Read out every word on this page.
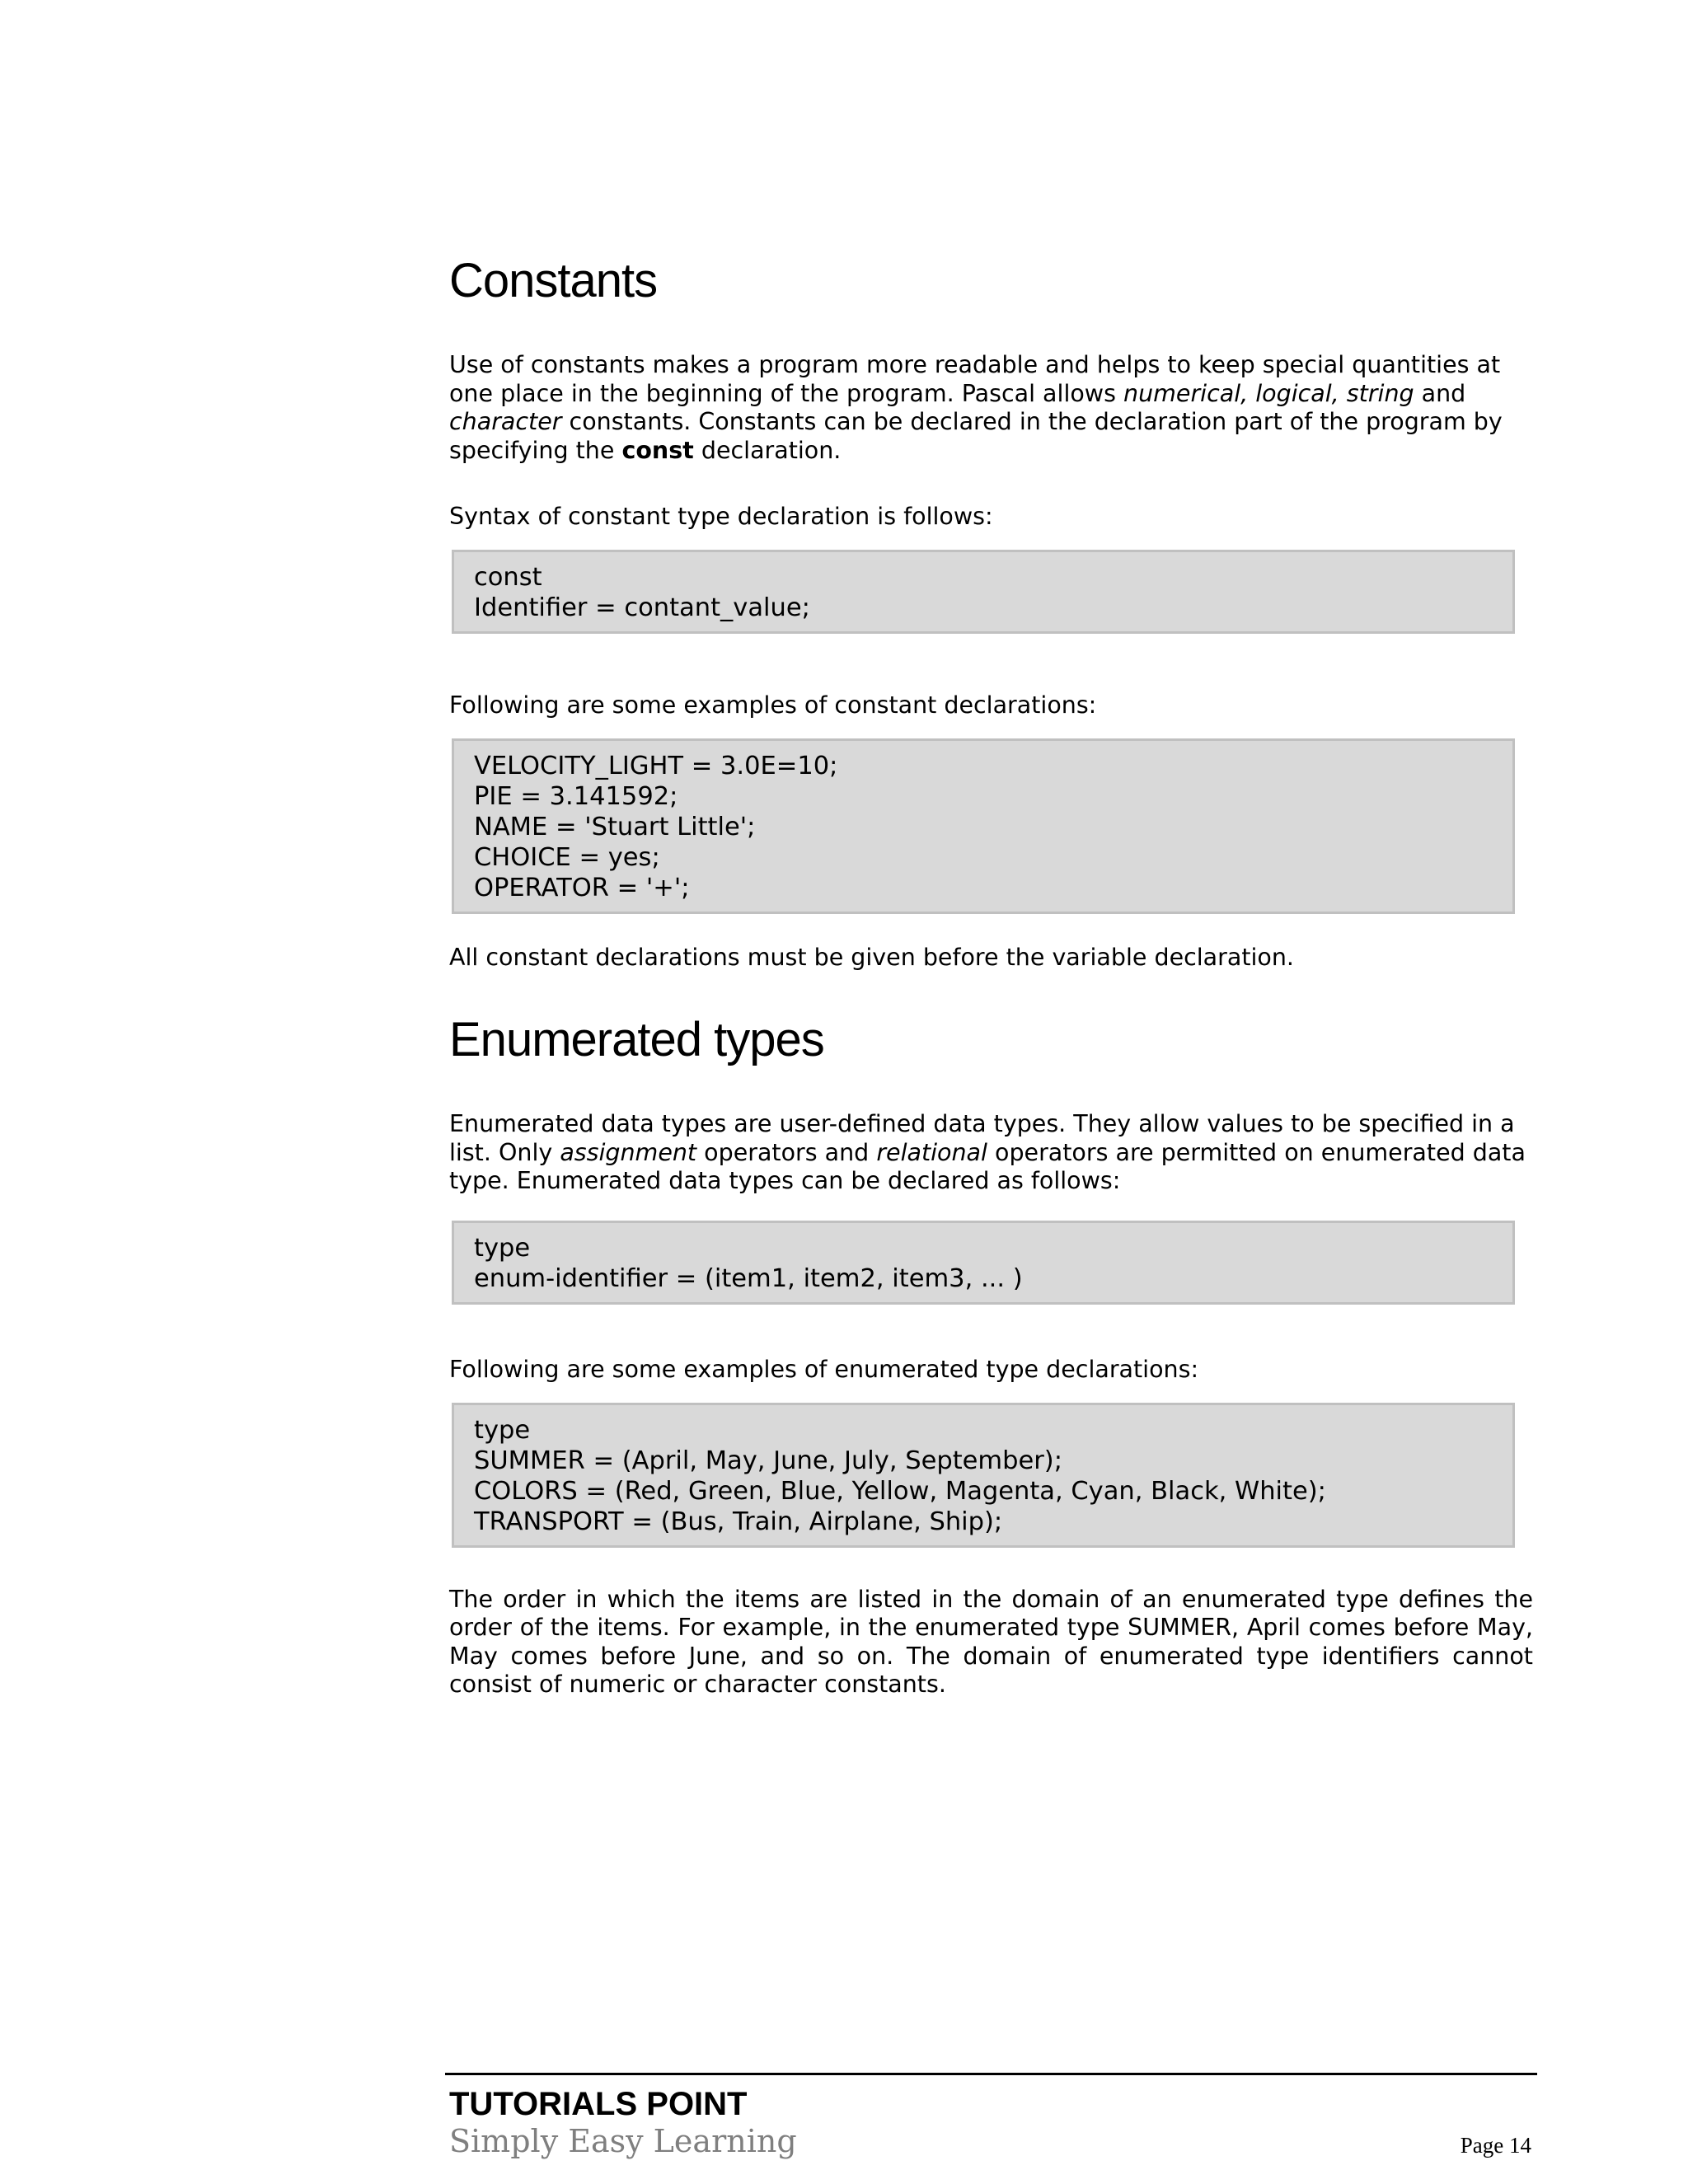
Constants

Use of constants makes a program more readable and helps to keep special quantities at one place in the beginning of the program. Pascal allows numerical, logical, string and character constants. Constants can be declared in the declaration part of the program by specifying the const declaration.

Syntax of constant type declaration is follows:

const
Identifier = contant_value;

Following are some examples of constant declarations:

VELOCITY_LIGHT = 3.0E=10;
PIE = 3.141592;
NAME = 'Stuart Little';
CHOICE = yes;
OPERATOR = '+';

All constant declarations must be given before the variable declaration.

Enumerated types

Enumerated data types are user-defined data types. They allow values to be specified in a list. Only assignment operators and relational operators are permitted on enumerated data type. Enumerated data types can be declared as follows:

type
enum-identifier = (item1, item2, item3, ... )

Following are some examples of enumerated type declarations:

type
SUMMER = (April, May, June, July, September);
COLORS = (Red, Green, Blue, Yellow, Magenta, Cyan, Black, White);
TRANSPORT = (Bus, Train, Airplane, Ship);

The order in which the items are listed in the domain of an enumerated type defines the order of the items. For example, in the enumerated type SUMMER, April comes before May, May comes before June, and so on. The domain of enumerated type identifiers cannot consist of numeric or character constants.

TUTORIALS POINT
Simply Easy Learning	Page 14
